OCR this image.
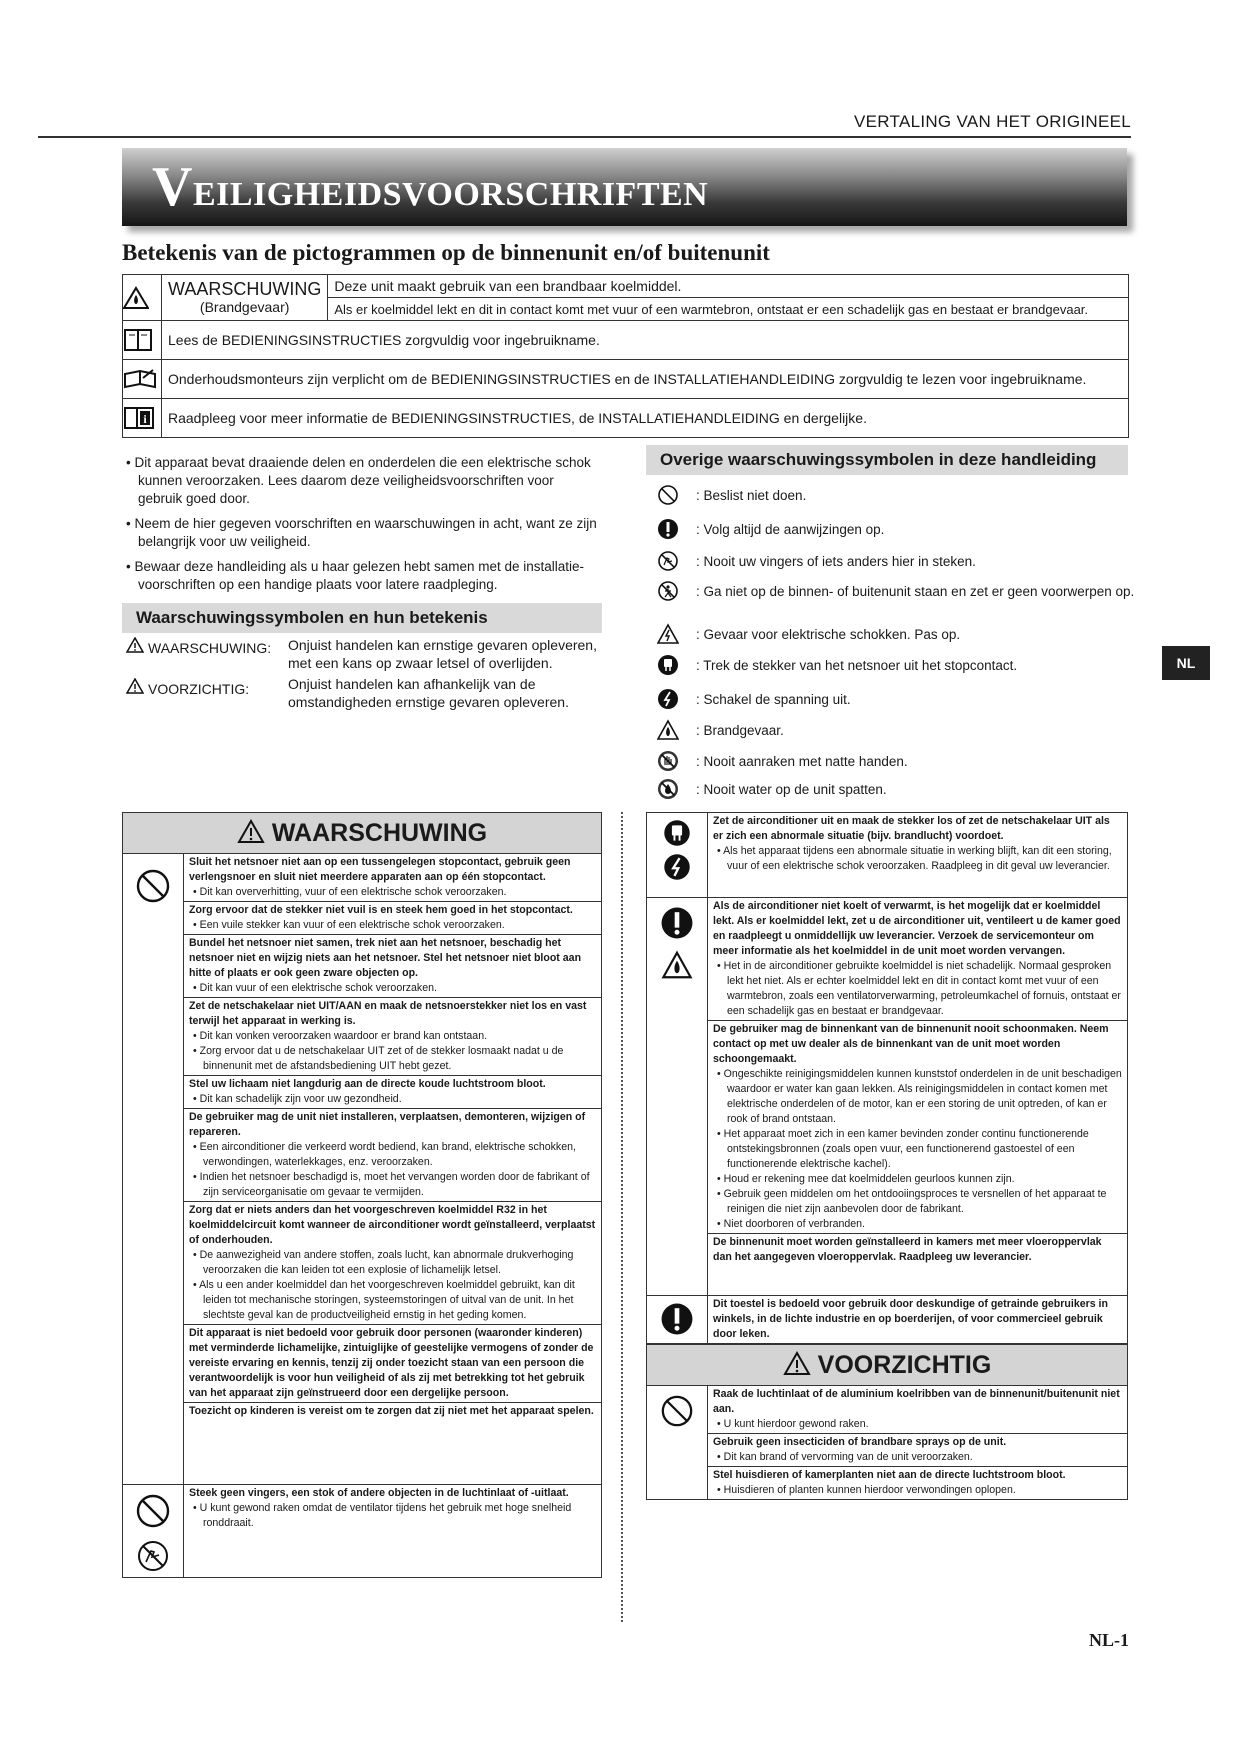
VERTALING VAN HET ORIGINEEL
VEILIGHEIDSVOORSCHRIFTEN
Betekenis van de pictogrammen op de binnenunit en/of buitenunit

WAARSCHUWING
(Brandgevaar)	Deze unit maakt gebruik van een brandbaar koelmiddel.
		Als er koelmiddel lekt en dit in contact komt met vuur of een warmtebron, ontstaat er een schadelijk gas en bestaat er brandgevaar.

	Lees de BEDIENINGSINSTRUCTIES zorgvuldig voor ingebruikname.	

	Onderhoudsmonteurs zijn verplicht om de BEDIENINGSINSTRUCTIES en de INSTALLATIEHANDLEIDING zorgvuldig te lezen voor ingebruikname.	

i	Raadpleeg voor meer informatie de BEDIENINGSINSTRUCTIES, de INSTALLATIEHANDLEIDING en dergelijke.	

• Dit apparaat bevat draaiende delen en onderdelen die een elektrische schok kunnen veroorzaken. Lees daarom deze veiligheidsvoorschriften voor gebruik goed door.

• Neem de hier gegeven voorschriften en waarschuwingen in acht, want ze zijn belangrijk voor uw veiligheid.

• Bewaar deze handleiding als u haar gelezen hebt samen met de installatie-voorschriften op een handige plaats voor latere raadpleging.

Waarschuwingssymbolen en hun betekenis
WAARSCHUWING: Onjuist handelen kan ernstige gevaren opleveren, met een kans op zwaar letsel of overlijden.
VOORZICHTIG:	Onjuist handelen kan afhankelijk van de omstandigheden ernstige gevaren opleveren.
Overige waarschuwingssymbolen in deze handleiding
: Beslist niet doen.
: Volg altijd de aanwijzingen op.
: Nooit uw vingers of iets anders hier in steken.
: Ga niet op de binnen- of buitenunit staan en zet er geen voorwerpen op.
: Gevaar voor elektrische schokken. Pas op.
: Trek de stekker van het netsnoer uit het stopcontact.
: Schakel de spanning uit.
: Brandgevaar.
: Nooit aanraken met natte handen.
: Nooit water op de unit spatten.
NL
WAARSCHUWING
Sluit het netsnoer niet aan op een tussengelegen stopcontact, gebruik geen verlengsnoer en sluit niet meerdere apparaten aan op één stopcontact.
• Dit kan oververhitting, vuur of een elektrische schok veroorzaken.
Zorg ervoor dat de stekker niet vuil is en steek hem goed in het stopcontact.
• Een vuile stekker kan vuur of een elektrische schok veroorzaken.
Bundel het netsnoer niet samen, trek niet aan het netsnoer, beschadig het netsnoer niet en wijzig niets aan het netsnoer. Stel het netsnoer niet bloot aan hitte of plaats er ook geen zware objecten op.
• Dit kan vuur of een elektrische schok veroorzaken.
Zet de netschakelaar niet UIT/AAN en maak de netsnoerstekker niet los en vast terwijl het apparaat in werking is.
• Dit kan vonken veroorzaken waardoor er brand kan ontstaan.
• Zorg ervoor dat u de netschakelaar UIT zet of de stekker losmaakt nadat u de binnenunit met de afstandsbediening UIT hebt gezet.
Stel uw lichaam niet langdurig aan de directe koude luchtstroom bloot.
• Dit kan schadelijk zijn voor uw gezondheid.
De gebruiker mag de unit niet installeren, verplaatsen, demonteren, wijzigen of repareren.
• Een airconditioner die verkeerd wordt bediend, kan brand, elektrische schokken, verwondingen, waterlekkages, enz. veroorzaken.
• Indien het netsnoer beschadigd is, moet het vervangen worden door de fabrikant of zijn serviceorganisatie om gevaar te vermijden.
Zorg dat er niets anders dan het voorgeschreven koelmiddel R32 in het koelmiddelcircuit komt wanneer de airconditioner wordt geïnstalleerd, verplaatst of onderhouden.
• De aanwezigheid van andere stoffen, zoals lucht, kan abnormale drukverhoging veroorzaken die kan leiden tot een explosie of lichamelijk letsel.
• Als u een ander koelmiddel dan het voorgeschreven koelmiddel gebruikt, kan dit leiden tot mechanische storingen, systeemstoringen of uitval van de unit. In het slechtste geval kan de productveiligheid ernstig in het geding komen.
Dit apparaat is niet bedoeld voor gebruik door personen (waaronder kinderen) met verminderde lichamelijke, zintuiglijke of geestelijke vermogens of zonder de vereiste ervaring en kennis, tenzij zij onder toezicht staan van een persoon die verantwoordelijk is voor hun veiligheid of als zij met betrekking tot het gebruik van het apparaat zijn geïnstrueerd door een dergelijke persoon.
Toezicht op kinderen is vereist om te zorgen dat zij niet met het apparaat spelen.
Steek geen vingers, een stok of andere objecten in de luchtinlaat of -uitlaat.
• U kunt gewond raken omdat de ventilator tijdens het gebruik met hoge snelheid ronddraait.
Zet de airconditioner uit en maak de stekker los of zet de netschakelaar UIT als er zich een abnormale situatie (bijv. brandlucht) voordoet.
• Als het apparaat tijdens een abnormale situatie in werking blijft, kan dit een storing, vuur of een elektrische schok veroorzaken. Raadpleeg in dit geval uw leverancier.
Als de airconditioner niet koelt of verwarmt, is het mogelijk dat er koelmiddel lekt. Als er koelmiddel lekt, zet u de airconditioner uit, ventileert u de kamer goed en raadpleegt u onmiddellijk uw leverancier. Verzoek de servicemonteur om meer informatie als het koelmiddel in de unit moet worden vervangen.
• Het in de airconditioner gebruikte koelmiddel is niet schadelijk. Normaal gesproken lekt het niet. Als er echter koelmiddel lekt en dit in contact komt met vuur of een warmtebron, zoals een ventilatorverwarming, petroleumkachel of fornuis, ontstaat er een schadelijk gas en bestaat er brandgevaar.
De gebruiker mag de binnenkant van de binnenunit nooit schoonmaken. Neem contact op met uw dealer als de binnenkant van de unit moet worden schoongemaakt.
• Ongeschikte reinigingsmiddelen kunnen kunststof onderdelen in de unit beschadigen waardoor er water kan gaan lekken. Als reinigingsmiddelen in contact komen met elektrische onderdelen of de motor, kan er een storing de unit optreden, of kan er rook of brand ontstaan.
• Het apparaat moet zich in een kamer bevinden zonder continu functionerende ontstekingsbronnen (zoals open vuur, een functionerend gastoestel of een functionerende elektrische kachel).
• Houd er rekening mee dat koelmiddelen geurloos kunnen zijn.
• Gebruik geen middelen om het ontdooiingsproces te versnellen of het apparaat te reinigen die niet zijn aanbevolen door de fabrikant.
• Niet doorboren of verbranden.
De binnenunit moet worden geïnstalleerd in kamers met meer vloeroppervlak dan het aangegeven vloeroppervlak. Raadpleeg uw leverancier.
Dit toestel is bedoeld voor gebruik door deskundige of getrainde gebruikers in winkels, in de lichte industrie en op boerderijen, of voor commercieel gebruik door leken.
VOORZICHTIG
Raak de luchtinlaat of de aluminium koelribben van de binnenunit/buitenunit niet aan.
• U kunt hierdoor gewond raken.
Gebruik geen insecticiden of brandbare sprays op de unit.
• Dit kan brand of vervorming van de unit veroorzaken.
Stel huisdieren of kamerplanten niet aan de directe luchtstroom bloot.
• Huisdieren of planten kunnen hierdoor verwondingen oplopen.
NL-1
